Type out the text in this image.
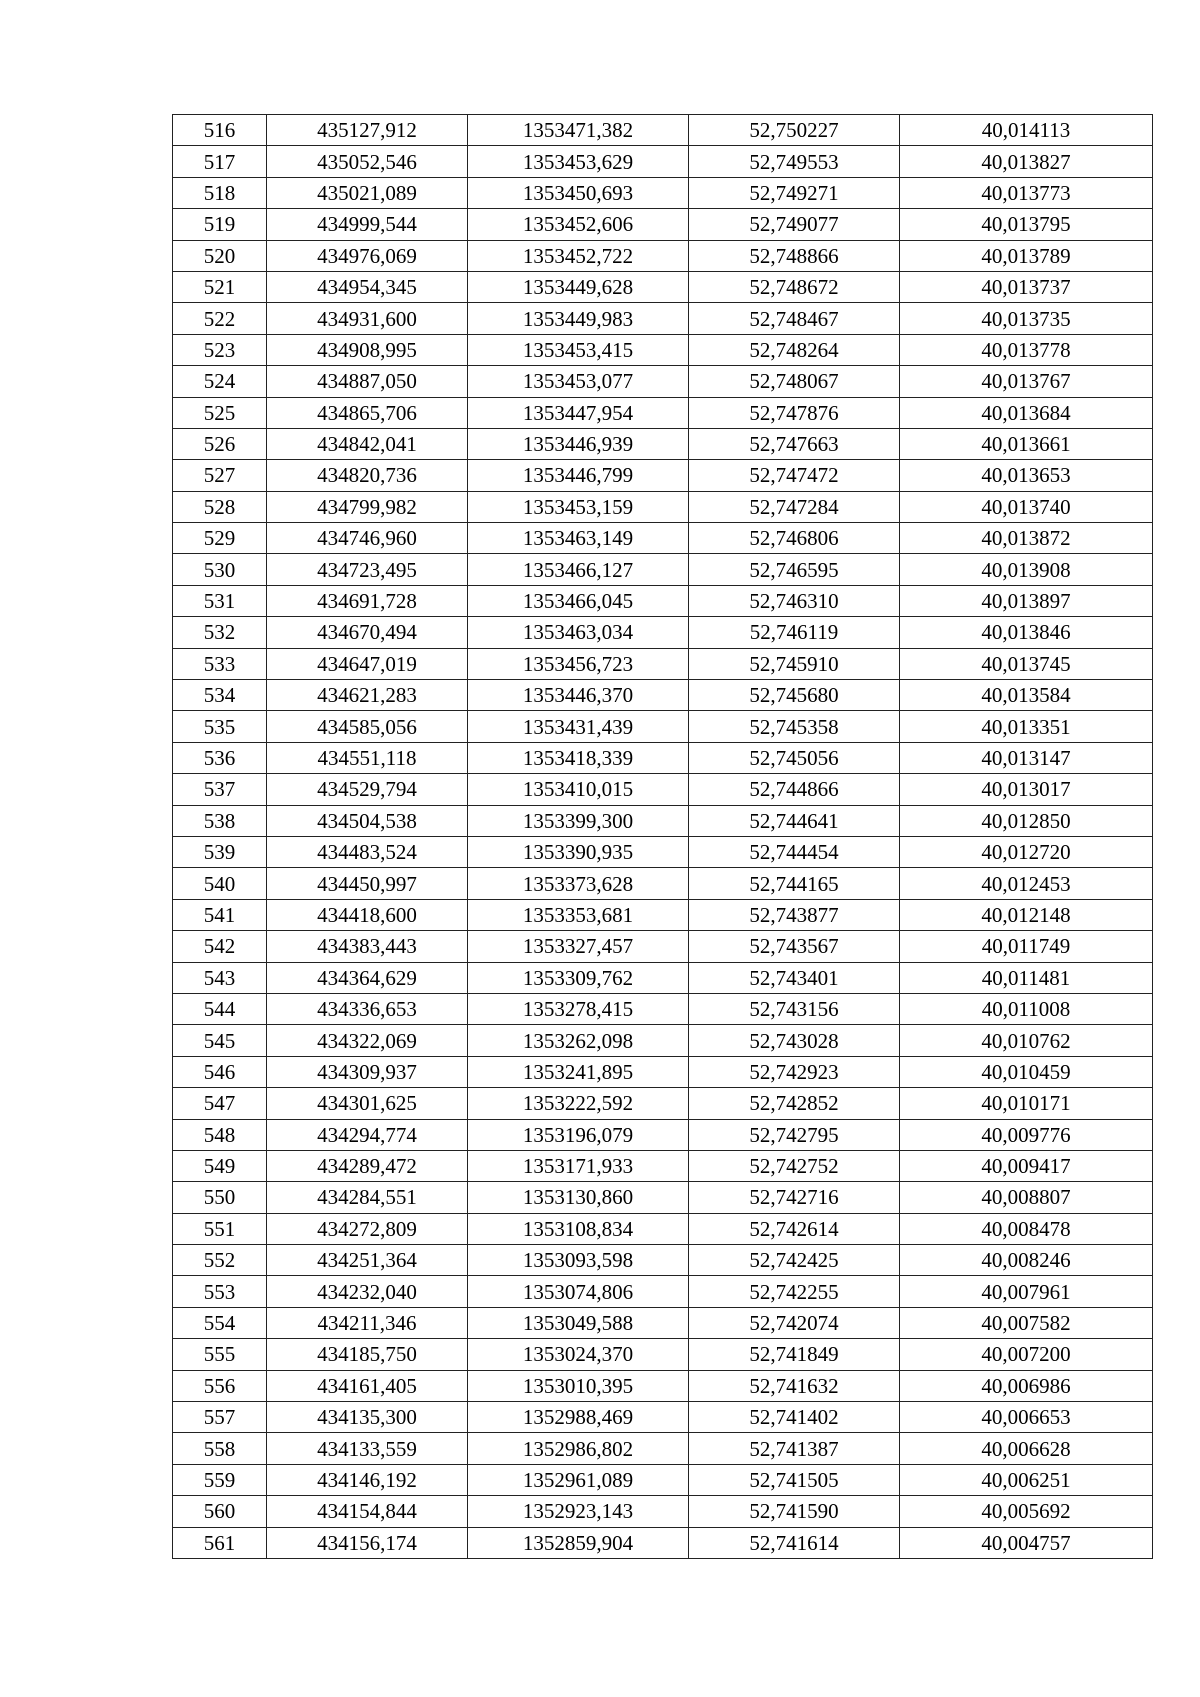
516	435127,912	1353471,382	52,750227	40,014113
517	435052,546	1353453,629	52,749553	40,013827
518	435021,089	1353450,693	52,749271	40,013773
519	434999,544	1353452,606	52,749077	40,013795
520	434976,069	1353452,722	52,748866	40,013789
521	434954,345	1353449,628	52,748672	40,013737
522	434931,600	1353449,983	52,748467	40,013735
523	434908,995	1353453,415	52,748264	40,013778
524	434887,050	1353453,077	52,748067	40,013767
525	434865,706	1353447,954	52,747876	40,013684
526	434842,041	1353446,939	52,747663	40,013661
527	434820,736	1353446,799	52,747472	40,013653
528	434799,982	1353453,159	52,747284	40,013740
529	434746,960	1353463,149	52,746806	40,013872
530	434723,495	1353466,127	52,746595	40,013908
531	434691,728	1353466,045	52,746310	40,013897
532	434670,494	1353463,034	52,746119	40,013846
533	434647,019	1353456,723	52,745910	40,013745
534	434621,283	1353446,370	52,745680	40,013584
535	434585,056	1353431,439	52,745358	40,013351
536	434551,118	1353418,339	52,745056	40,013147
537	434529,794	1353410,015	52,744866	40,013017
538	434504,538	1353399,300	52,744641	40,012850
539	434483,524	1353390,935	52,744454	40,012720
540	434450,997	1353373,628	52,744165	40,012453
541	434418,600	1353353,681	52,743877	40,012148
542	434383,443	1353327,457	52,743567	40,011749
543	434364,629	1353309,762	52,743401	40,011481
544	434336,653	1353278,415	52,743156	40,011008
545	434322,069	1353262,098	52,743028	40,010762
546	434309,937	1353241,895	52,742923	40,010459
547	434301,625	1353222,592	52,742852	40,010171
548	434294,774	1353196,079	52,742795	40,009776
549	434289,472	1353171,933	52,742752	40,009417
550	434284,551	1353130,860	52,742716	40,008807
551	434272,809	1353108,834	52,742614	40,008478
552	434251,364	1353093,598	52,742425	40,008246
553	434232,040	1353074,806	52,742255	40,007961
554	434211,346	1353049,588	52,742074	40,007582
555	434185,750	1353024,370	52,741849	40,007200
556	434161,405	1353010,395	52,741632	40,006986
557	434135,300	1352988,469	52,741402	40,006653
558	434133,559	1352986,802	52,741387	40,006628
559	434146,192	1352961,089	52,741505	40,006251
560	434154,844	1352923,143	52,741590	40,005692
561	434156,174	1352859,904	52,741614	40,004757
